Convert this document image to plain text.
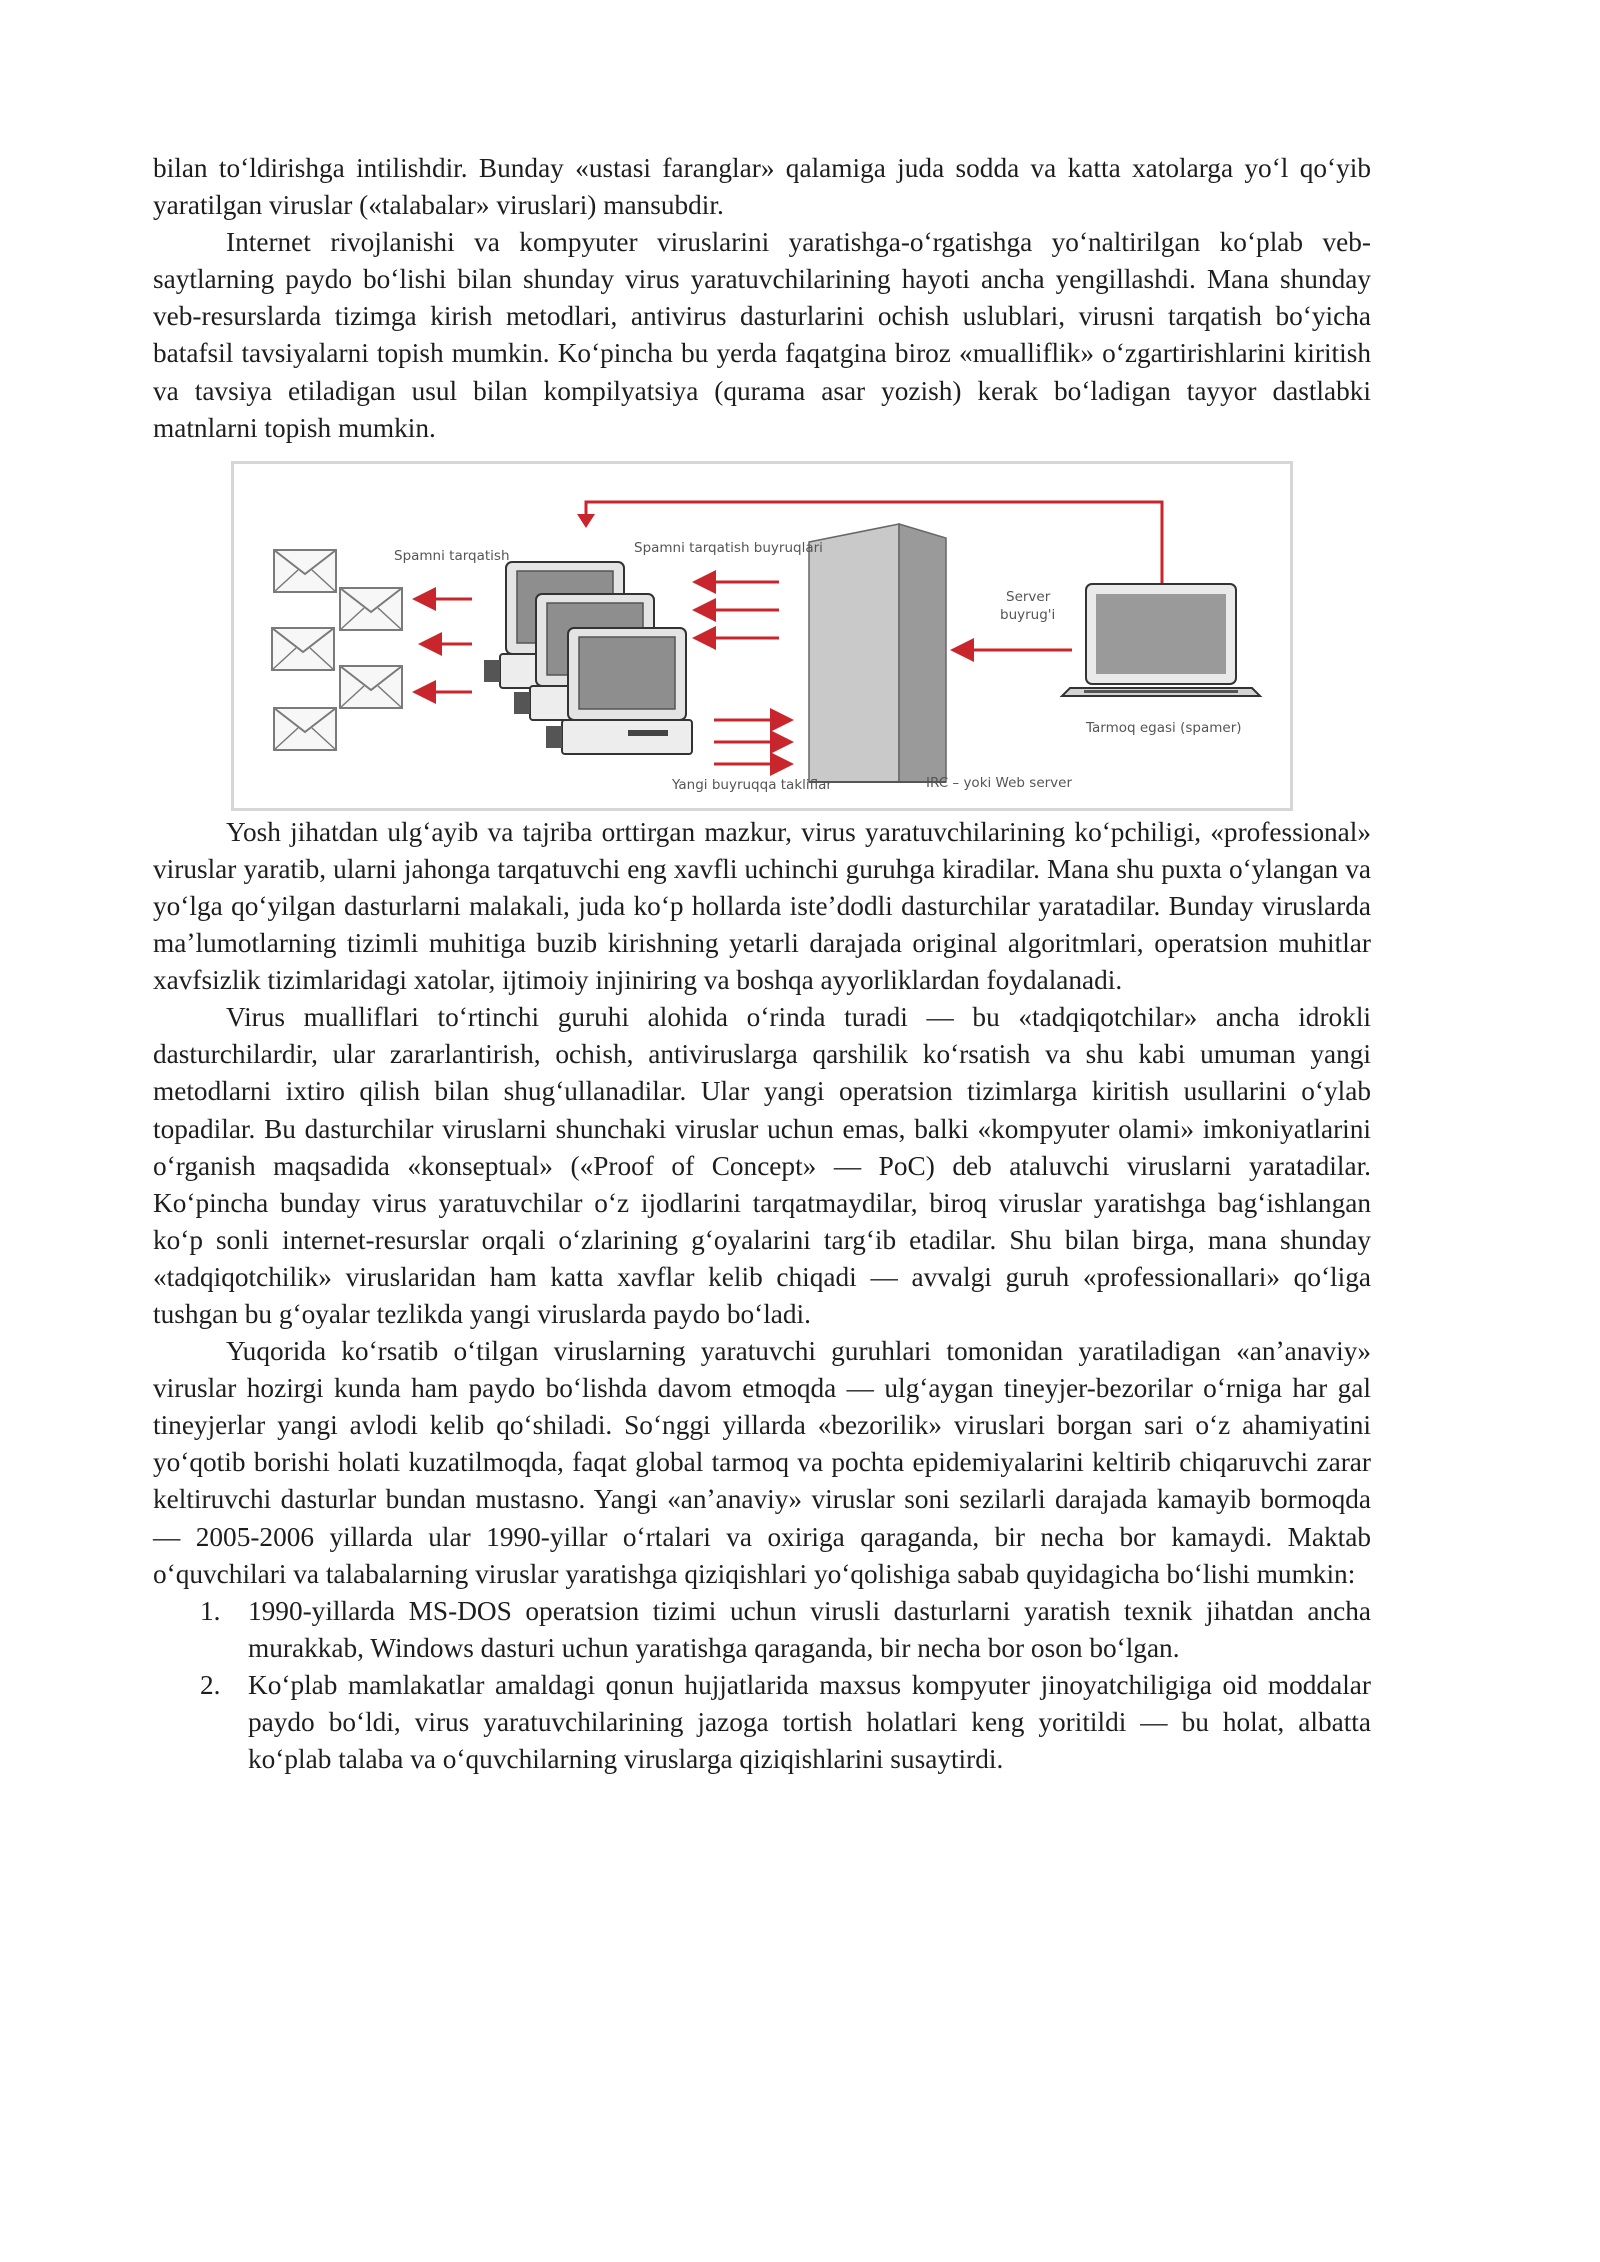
bilan toʻldirishga intilishdir. Bunday «ustasi faranglar» qalamiga juda sodda va katta xatolarga yoʻl qoʻyib yaratilgan viruslar («talabalar» viruslari) mansubdir.

Internet rivojlanishi va kompyuter viruslarini yaratishga-oʻrgatishga yoʻnaltirilgan koʻplab veb-saytlarning paydo boʻlishi bilan shunday virus yaratuvchilarining hayoti ancha yengillashdi. Mana shunday veb-resurslarda tizimga kirish metodlari, antivirus dasturlarini ochish uslublari, virusni tarqatish boʻyicha batafsil tavsiyalarni topish mumkin. Koʻpincha bu yerda faqatgina biroz «mualliflik» oʻzgartirishlarini kiritish va tavsiya etiladigan usul bilan kompilyatsiya (qurama asar yozish) kerak boʻladigan tayyor dastlabki matnlarni topish mumkin.

Spamni tarqatish	Spamni tarqatish buyruqlari
Server
buyrug'i
Tarmoq egasi (spamer)
Yangi buyruqqa takliflar	IRC – yoki Web server

Yosh jihatdan ulgʻayib va tajriba orttirgan mazkur, virus yaratuvchilarining koʻpchiligi, «professional» viruslar yaratib, ularni jahonga tarqatuvchi eng xavfli uchinchi guruhga kiradilar. Mana shu puxta oʻylangan va yoʻlga qoʻyilgan dasturlarni malakali, juda koʻp hollarda isteʼdodli dasturchilar yaratadilar. Bunday viruslarda maʼlumotlarning tizimli muhitiga buzib kirishning yetarli darajada original algoritmlari, operatsion muhitlar xavfsizlik tizimlaridagi xatolar, ijtimoiy injiniring va boshqa ayyorliklardan foydalanadi.

Virus mualliflari toʻrtinchi guruhi alohida oʻrinda turadi — bu «tadqiqotchilar» ancha idrokli dasturchilardir, ular zararlantirish, ochish, antiviruslarga qarshilik koʻrsatish va shu kabi umuman yangi metodlarni ixtiro qilish bilan shugʻullanadilar. Ular yangi operatsion tizimlarga kiritish usullarini oʻylab topadilar. Bu dasturchilar viruslarni shunchaki viruslar uchun emas, balki «kompyuter olami» imkoniyatlarini oʻrganish maqsadida «konseptual» («Proof of Concept» — PoC) deb ataluvchi viruslarni yaratadilar. Koʻpincha bunday virus yaratuvchilar oʻz ijodlarini tarqatmaydilar, biroq viruslar yaratishga bagʻishlangan koʻp sonli internet-resurslar orqali oʻzlarining gʻoyalarini targʻib etadilar. Shu bilan birga, mana shunday «tadqiqotchilik» viruslaridan ham katta xavflar kelib chiqadi — avvalgi guruh «professionallari» qoʻliga tushgan bu gʻoyalar tezlikda yangi viruslarda paydo boʻladi.

Yuqorida koʻrsatib oʻtilgan viruslarning yaratuvchi guruhlari tomonidan yaratiladigan «anʼanaviy» viruslar hozirgi kunda ham paydo boʻlishda davom etmoqda — ulgʻaygan tineyjer-bezorilar oʻrniga har gal tineyjerlar yangi avlodi kelib qoʻshiladi. Soʻnggi yillarda «bezorilik» viruslari borgan sari oʻz ahamiyatini yoʻqotib borishi holati kuzatilmoqda, faqat global tarmoq va pochta epidemiyalarini keltirib chiqaruvchi zarar keltiruvchi dasturlar bundan mustasno. Yangi «anʼanaviy» viruslar soni sezilarli darajada kamayib bormoqda — 2005-2006 yillarda ular 1990-yillar oʻrtalari va oxiriga qaraganda, bir necha bor kamaydi. Maktab oʻquvchilari va talabalarning viruslar yaratishga qiziqishlari yoʻqolishiga sabab quyidagicha boʻlishi mumkin:

1. 1990-yillarda MS-DOS operatsion tizimi uchun virusli dasturlarni yaratish texnik jihatdan ancha murakkab, Windows dasturi uchun yaratishga qaraganda, bir necha bor oson boʻlgan.
2. Koʻplab mamlakatlar amaldagi qonun hujjatlarida maxsus kompyuter jinoyatchiligiga oid moddalar paydo boʻldi, virus yaratuvchilarining jazoga tortish holatlari keng yoritildi — bu holat, albatta koʻplab talaba va oʻquvchilarning viruslarga qiziqishlarini susaytirdi.
